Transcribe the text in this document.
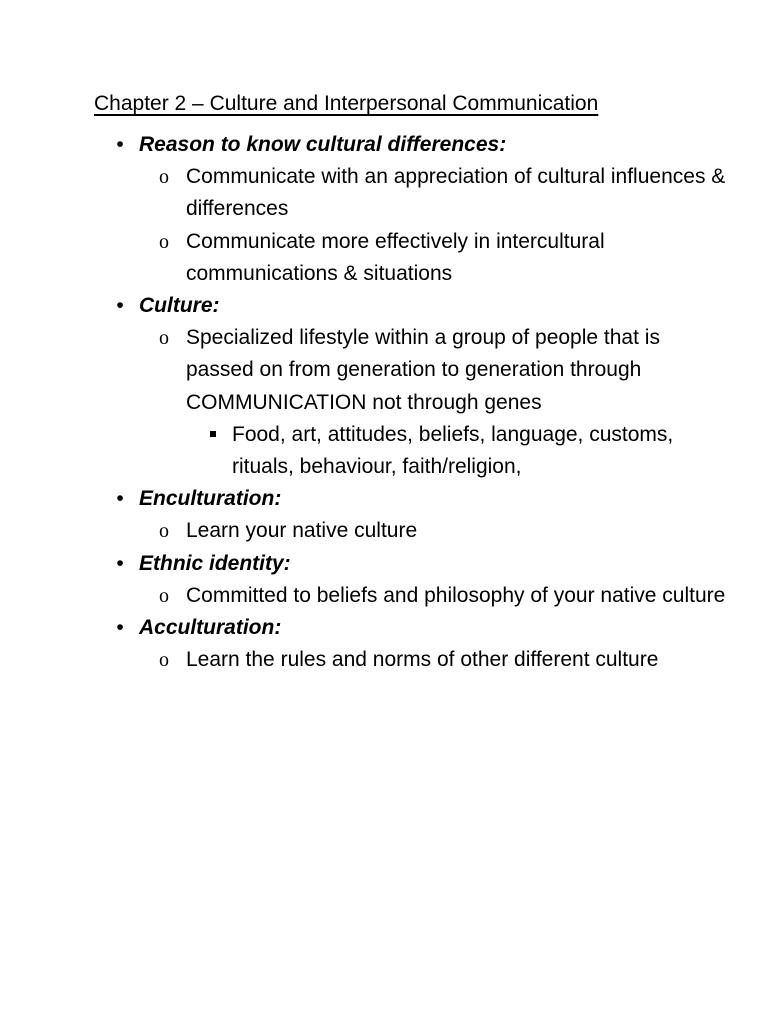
Chapter 2 – Culture and Interpersonal Communication
• Reason to know cultural differences:
o Communicate with an appreciation of cultural influences & differences
o Communicate more effectively in intercultural communications & situations
• Culture:
o Specialized lifestyle within a group of people that is passed on from generation to generation through COMMUNICATION not through genes
Food, art, attitudes, beliefs, language, customs, rituals, behaviour, faith/religion,
• Enculturation:
o Learn your native culture
• Ethnic identity:
o Committed to beliefs and philosophy of your native culture
• Acculturation:
o Learn the rules and norms of other different culture
